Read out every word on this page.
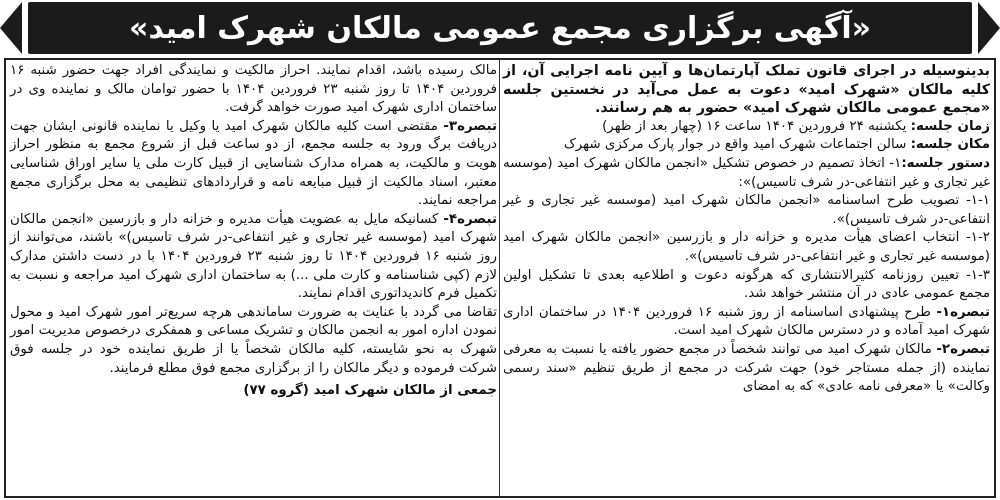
«آگهی برگزاری مجمع عمومی مالکان شهرک امید»

بدینوسیله در اجرای قانون تملک آپارتمان‌ها و آیین نامه اجرایی آن، از کلیه مالکان «شهرک امید» دعوت به عمل می‌آید در نخستین جلسه «مجمع عمومی مالکان شهرک امید» حضور به هم رسانند.

زمان جلسه: یکشنبه ۲۴ فروردین ۱۴۰۴ ساعت ۱۶ (چهار بعد از ظهر)

مکان جلسه: سالن اجتماعات شهرک امید واقع در جوار پارک مرکزی شهرک

دستور جلسه:۱- اتخاذ تصمیم در خصوص تشکیل «انجمن مالکان شهرک امید (موسسه غیر تجاری و غیر انتفاعی-در شرف تاسیس)»:

۱-۱- تصویب طرح اساسنامه «انجمن مالکان شهرک امید (موسسه غیر تجاری و غیر انتفاعی-در شرف تاسیس)».

۱-۲- انتخاب اعضای هیأت مدیره و خزانه دار و بازرسین «انجمن مالکان شهرک امید (موسسه غیر تجاری و غیر انتفاعی-در شرف تاسیس)».

۱-۳- تعیین روزنامه کثیرالانتشاری که هرگونه دعوت و اطلاعیه بعدی تا تشکیل اولین مجمع عمومی عادی در آن منتشر خواهد شد.

تبصره۱- طرح پیشنهادی اساسنامه از روز شنبه ۱۶ فروردین ۱۴۰۴ در ساختمان اداری شهرک امید آماده و در دسترس مالکان شهرک امید است.

تبصره۲- مالکان شهرک امید می توانند شخصاً در مجمع حضور یافته یا نسبت به معرفی نماینده (از جمله مستاجر خود) جهت شرکت در مجمع از طریق تنظیم «سند رسمی وکالت» یا «معرفی نامه عادی» که به امضای

مالک رسیده باشد، اقدام نمایند. احراز مالکیت و نمایندگی افراد جهت حضور شنبه ۱۶ فروردین ۱۴۰۴ تا روز شنبه ۲۳ فروردین ۱۴۰۴ با حضور توامان مالک و نماینده وی در ساختمان اداری شهرک امید صورت خواهد گرفت.

تبصره۳- مقتضی است کلیه مالکان شهرک امید یا وکیل یا نماینده قانونی ایشان جهت دریافت برگ ورود به جلسه مجمع، از دو ساعت قبل از شروع مجمع به منظور احراز هویت و مالکیت، به همراه مدارک شناسایی از قبیل کارت ملی یا سایر اوراق شناسایی معتبر، اسناد مالکیت از قبیل مبایعه نامه و قراردادهای تنظیمی به محل برگزاری مجمع مراجعه نمایند.

تبصره۴- کسانیکه مایل به عضویت هیأت مدیره و خزانه دار و بازرسین «انجمن مالکان شهرک امید (موسسه غیر تجاری و غیر انتفاعی-در شرف تاسیس)» باشند، می‌توانند از روز شنبه ۱۶ فروردین ۱۴۰۴ تا روز شنبه ۲۳ فروردین ۱۴۰۴ با در دست داشتن مدارک لازم (کپی شناسنامه و کارت ملی ...) به ساختمان اداری شهرک امید مراجعه و نسبت به تکمیل فرم کاندیداتوری اقدام نمایند.

تقاضا می گردد با عنایت به ضرورت ساماندهی هرچه سریع‌تر امور شهرک امید و محول نمودن اداره امور به انجمن مالکان و تشریک مساعی و همفکری درخصوص مدیریت امور شهرک به نحو شایسته، کلیه مالکان شخصاً یا از طریق نماینده خود در جلسه فوق شرکت فرموده و دیگر مالکان را از برگزاری مجمع فوق مطلع فرمایند.

جمعی از مالکان شهرک امید (گروه ۷۷)
